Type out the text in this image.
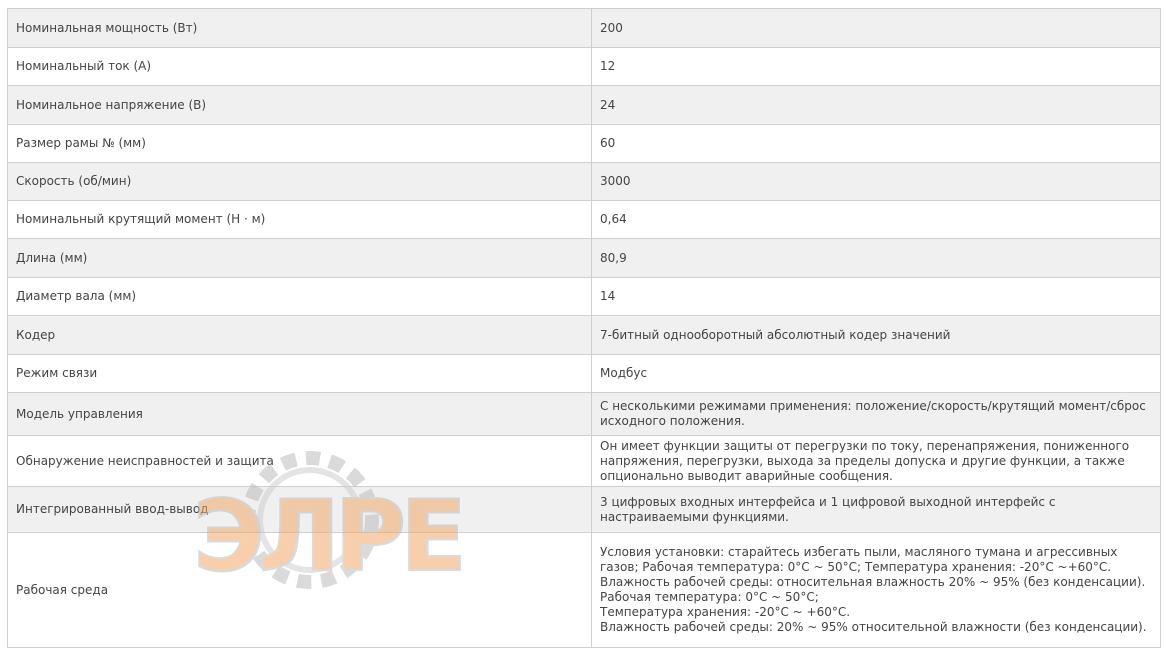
Номинальная мощность (Вт)	200
Номинальный ток (А)	12
Номинальное напряжение (В)	24
Размер рамы № (мм)	60
Скорость (об/мин)	3000
Номинальный крутящий момент (Н · м)	0,64
Длина (мм)	80,9
Диаметр вала (мм)	14
Кодер	7-битный однооборотный абсолютный кодер значений
Режим связи	Модбус
Модель управления	С несколькими режимами применения: положение/скорость/крутящий момент/сброс исходного положения.
Обнаружение неисправностей и защита	Он имеет функции защиты от перегрузки по току, перенапряжения, пониженного напряжения, перегрузки, выхода за пределы допуска и другие функции, а также опционально выводит аварийные сообщения.
Интегрированный ввод-вывод	3 цифровых входных интерфейса и 1 цифровой выходной интерфейс с настраиваемыми функциями.
Рабочая среда	Условия установки: старайтесь избегать пыли, масляного тумана и агрессивных газов; Рабочая температура: 0°C ~ 50°C; Температура хранения: -20°C ~+60°C. Влажность рабочей среды: относительная влажность 20% ~ 95% (без конденсации).
Рабочая температура: 0°C ~ 50°C;
Температура хранения: -20°C ~ +60°C.
Влажность рабочей среды: 20% ~ 95% относительной влажности (без конденсации).
ЭЛРЕ
